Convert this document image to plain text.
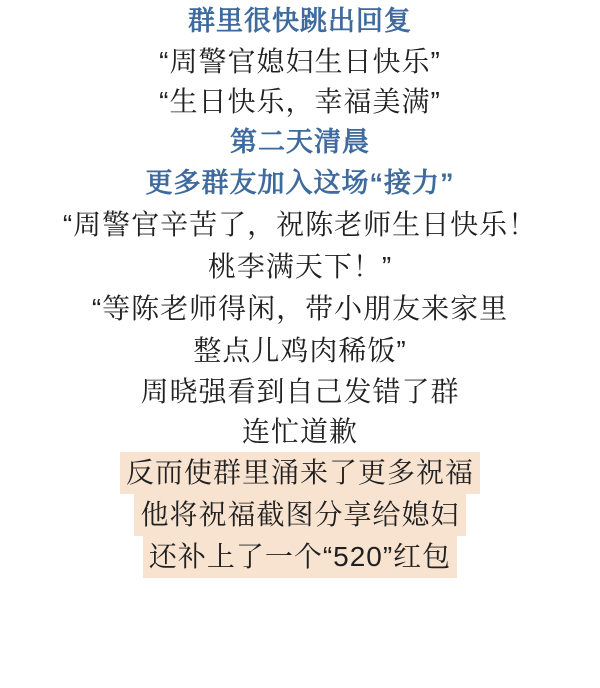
群里很快跳出回复

“周警官媳妇生日快乐”

“生日快乐，幸福美满”

第二天清晨

更多群友加入这场“接力”

“周警官辛苦了，祝陈老师生日快乐！

桃李满天下！”

“等陈老师得闲，带小朋友来家里

整点儿鸡肉稀饭”

周晓强看到自己发错了群

连忙道歉

反而使群里涌来了更多祝福

他将祝福截图分享给媳妇

还补上了一个“520”红包
